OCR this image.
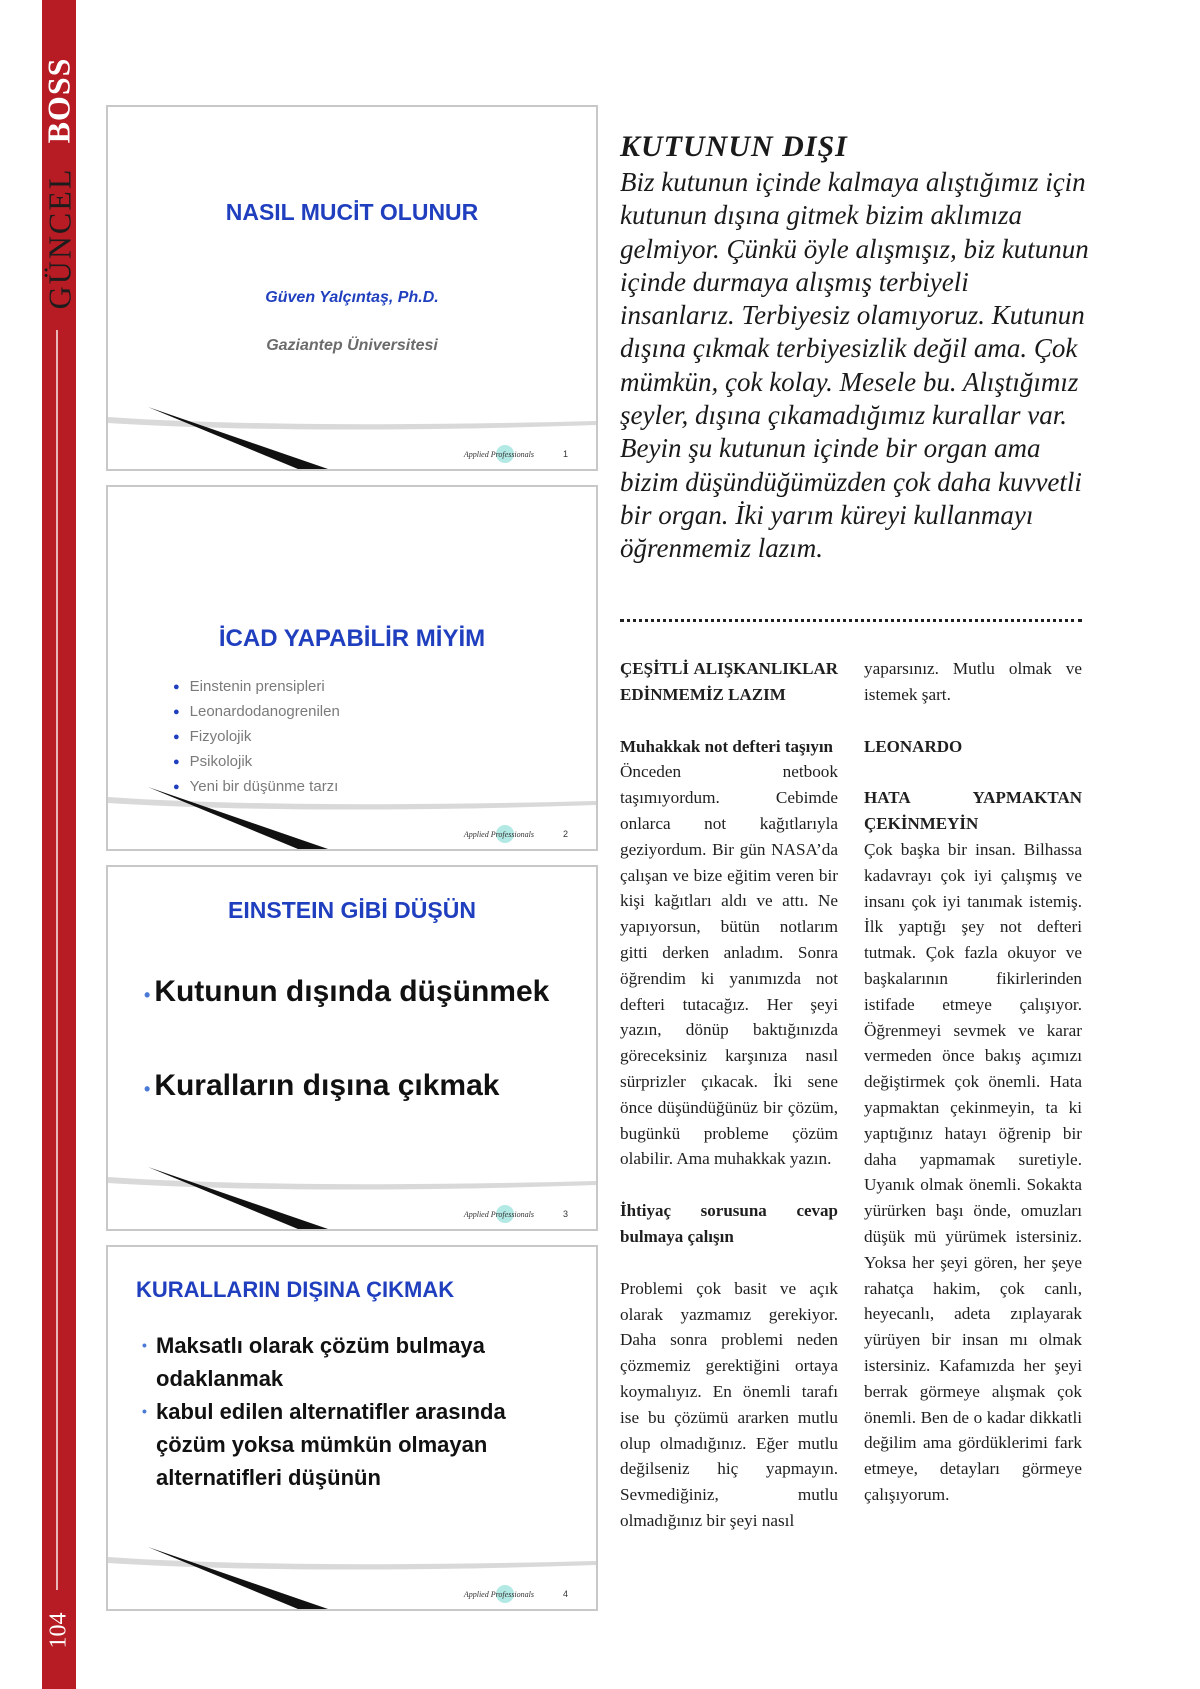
BOSS
GÜNCEL
104
NASIL MUCİT OLUNUR
Güven Yalçıntaş, Ph.D.
Gaziantep Üniversitesi
Applied Professionals	1
İCAD YAPABİLİR MİYİM
● Einstenin prensipleri
● Leonardodanogrenilen
● Fizyolojik
● Psikolojik
● Yeni bir düşünme tarzı
Applied Professionals	2
EINSTEIN GİBİ DÜŞÜN
• Kutunun dışında düşünmek
• Kuralların dışına çıkmak
Applied Professionals	3
KURALLARIN DIŞINA ÇIKMAK
• Maksatlı olarak çözüm bulmaya odaklanmak
• kabul edilen alternatifler arasında çözüm yoksa mümkün olmayan alternatifleri düşünün
Applied Professionals	4
KUTUNUN DIŞI
Biz kutunun içinde kalmaya alıştığımız için kutunun dışına gitmek bizim aklımıza gelmiyor. Çünkü öyle alışmışız, biz kutunun içinde durmaya alışmış terbiyeli insanlarız. Terbiyesiz olamıyoruz. Kutunun dışına çıkmak terbiyesizlik değil ama. Çok mümkün, çok kolay. Mesele bu. Alıştığımız şeyler, dışına çıkamadığımız kurallar var. Beyin şu kutunun içinde bir organ ama bizim düşündüğümüzden çok daha kuvvetli bir organ. İki yarım küreyi kullanmayı öğrenmemiz lazım.

ÇEŞİTLİ ALIŞKANLIKLAR EDİNMEMİZ LAZIM

Muhakkak not defteri taşıyın

Önceden netbook taşımıyordum. Cebimde onlarca not kağıtlarıyla geziyordum. Bir gün NASA’da çalışan ve bize eğitim veren bir kişi kağıtları aldı ve attı. Ne yapıyorsun, bütün notlarım gitti derken anladım. Sonra öğrendim ki yanımızda not defteri tutacağız. Her şeyi yazın, dönüp baktığınızda göreceksiniz karşınıza nasıl sürprizler çıkacak. İki sene önce düşündüğünüz bir çözüm, bugünkü probleme çözüm olabilir. Ama muhakkak yazın.

İhtiyaç sorusuna cevap bulmaya çalışın

Problemi çok basit ve açık olarak yazmamız gerekiyor. Daha sonra problemi neden çözmemiz gerektiğini ortaya koymalıyız. En önemli tarafı ise bu çözümü ararken mutlu olup olmadığınız. Eğer mutlu değilseniz hiç yapmayın. Sevmediğiniz, mutlu olmadığınız bir şeyi nasıl

yaparsınız. Mutlu olmak ve istemek şart.

LEONARDO

HATA YAPMAKTAN ÇEKİNMEYİN

Çok başka bir insan. Bilhassa kadavrayı çok iyi çalışmış ve insanı çok iyi tanımak istemiş. İlk yaptığı şey not defteri tutmak. Çok fazla okuyor ve başkalarının fikirlerinden istifade etmeye çalışıyor. Öğrenmeyi sevmek ve karar vermeden önce bakış açımızı değiştirmek çok önemli. Hata yapmaktan çekinmeyin, ta ki yaptığınız hatayı öğrenip bir daha yapmamak suretiyle. Uyanık olmak önemli. Sokakta yürürken başı önde, omuzları düşük mü yürümek istersiniz. Yoksa her şeyi gören, her şeye rahatça hakim, çok canlı, heyecanlı, adeta zıplayarak yürüyen bir insan mı olmak istersiniz. Kafamızda her şeyi berrak görmeye alışmak çok önemli. Ben de o kadar dikkatli değilim ama gördüklerimi fark etmeye, detayları görmeye çalışıyorum.
